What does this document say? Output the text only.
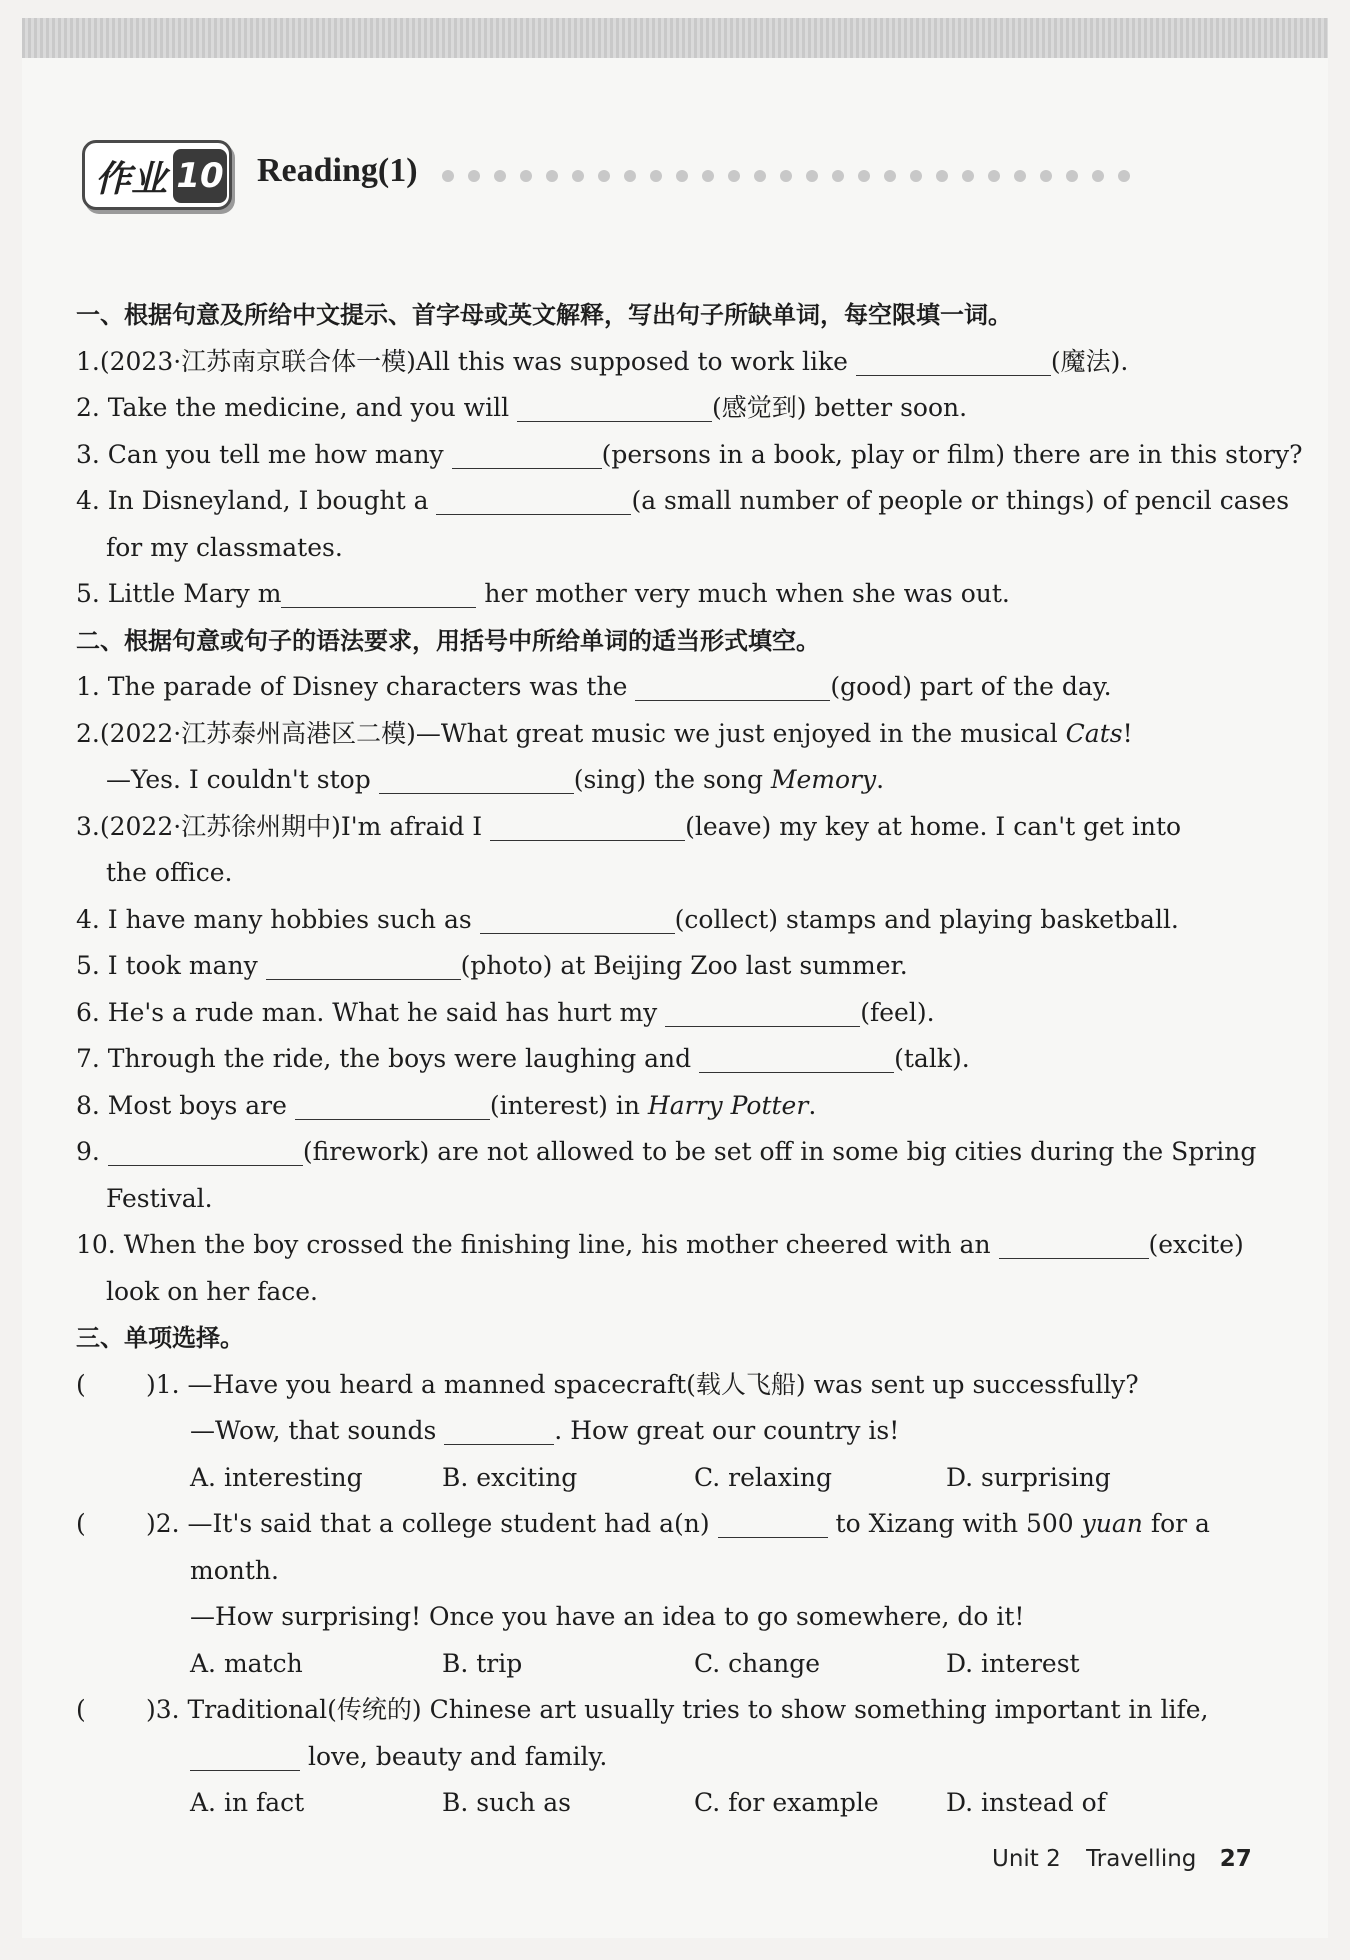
作业 10 Reading(1)
一、根据句意及所给中文提示、首字母或英文解释，写出句子所缺单词，每空限填一词。
1.(2023·江苏南京联合体一模)All this was supposed to work like	(魔法).
2. Take the medicine, and you will	(感觉到) better soon.
3. Can you tell me how many	(persons in a book, play or film) there are in this story?
4. In Disneyland, I bought a	(a small number of people or things) of pencil cases
for my classmates.
5. Little Mary m	her mother very much when she was out.
二、根据句意或句子的语法要求，用括号中所给单词的适当形式填空。
1. The parade of Disney characters was the	(good) part of the day.
2.(2022·江苏泰州高港区二模)—What great music we just enjoyed in the musical Cats!
—Yes. I couldn't stop	(sing) the song Memory.
3.(2022·江苏徐州期中)I'm afraid I	(leave) my key at home. I can't get into
the office.
4. I have many hobbies such as	(collect) stamps and playing basketball.
5. I took many	(photo) at Beijing Zoo last summer.
6. He's a rude man. What he said has hurt my	(feel).
7. Through the ride, the boys were laughing and	(talk).
8. Most boys are	(interest) in Harry Potter.
9.	(firework) are not allowed to be set off in some big cities during the Spring
Festival.
10. When the boy crossed the finishing line, his mother cheered with an	(excite)
look on her face.
三、单项选择。
( )1. —Have you heard a manned spacecraft(载人飞船) was sent up successfully?
—Wow, that sounds	. How great our country is!
A. interesting	B. exciting	C. relaxing	D. surprising
( )2. —It's said that a college student had a(n)	to Xizang with 500 yuan for a
month.
—How surprising! Once you have an idea to go somewhere, do it!
A. match	B. trip	C. change	D. interest
( )3. Traditional(传统的) Chinese art usually tries to show something important in life,
love, beauty and family.
A. in fact	B. such as	C. for example	D. instead of
Unit 2 Travelling 27
